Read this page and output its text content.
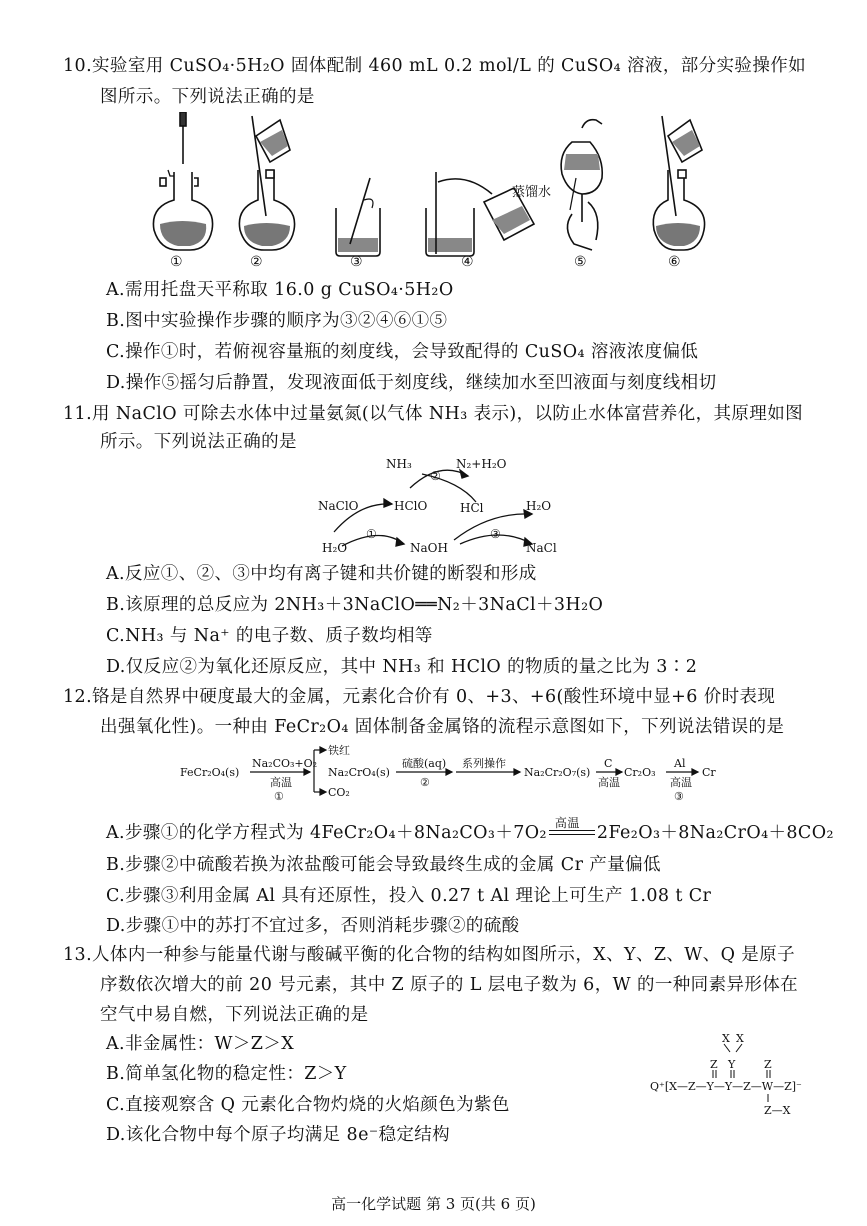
10.实验室用 CuSO₄·5H₂O 固体配制 460 mL 0.2 mol/L 的 CuSO₄ 溶液，部分实验操作如
图所示。下列说法正确的是
①	②	③	④	⑤	⑥
蒸馏水
A.需用托盘天平称取 16.0 g CuSO₄·5H₂O
B.图中实验操作步骤的顺序为③②④⑥①⑤
C.操作①时，若俯视容量瓶的刻度线，会导致配得的 CuSO₄ 溶液浓度偏低
D.操作⑤摇匀后静置，发现液面低于刻度线，继续加水至凹液面与刻度线相切
11.用 NaClO 可除去水体中过量氨氮(以气体 NH₃ 表示)，以防止水体富营养化，其原理如图
所示。下列说法正确的是
NH₃	N₂+H₂O
②
NaClO	HClO	HCl	H₂O
H₂O
①
NaOH
③
NaCl
A.反应①、②、③中均有离子键和共价键的断裂和形成
B.该原理的总反应为 2NH₃＋3NaClO══N₂＋3NaCl＋3H₂O
C.NH₃ 与 Na⁺ 的电子数、质子数均相等
D.仅反应②为氧化还原反应，其中 NH₃ 和 HClO 的物质的量之比为 3∶2
12.铬是自然界中硬度最大的金属，元素化合价有 0、+3、+6(酸性环境中显+6 价时表现
出强氧化性)。一种由 FeCr₂O₄ 固体制备金属铬的流程示意图如下，下列说法错误的是
FeCr₂O₄(s)
Na₂CO₃+O₂
高温
①
铁红
Na₂CrO₄(s)
CO₂
硫酸(aq)
②
系列操作
Na₂Cr₂O₇(s)
C
高温
Cr₂O₃
Al
高温
③
Cr
A.步骤①的化学方程式为 4FeCr₂O₄＋8Na₂CO₃＋7O₂ 高温 2Fe₂O₃＋8Na₂CrO₄＋8CO₂
B.步骤②中硫酸若换为浓盐酸可能会导致最终生成的金属 Cr 产量偏低
C.步骤③利用金属 Al 具有还原性，投入 0.27 t Al 理论上可生产 1.08 t Cr
D.步骤①中的苏打不宜过多，否则消耗步骤②的硫酸
13.人体内一种参与能量代谢与酸碱平衡的化合物的结构如图所示，X、Y、Z、W、Q 是原子
序数依次增大的前 20 号元素，其中 Z 原子的 L 层电子数为 6，W 的一种同素异形体在
空气中易自燃，下列说法正确的是
A.非金属性：W＞Z＞X
B.简单氢化物的稳定性：Z＞Y
C.直接观察含 Q 元素化合物灼烧的火焰颜色为紫色
D.该化合物中每个原子均满足 8e⁻稳定结构
X X
Z Y	Z
Q⁺[X—Z—Y—Y—Z—W—Z]⁻
Z—X
高一化学试题 第 3 页(共 6 页)
